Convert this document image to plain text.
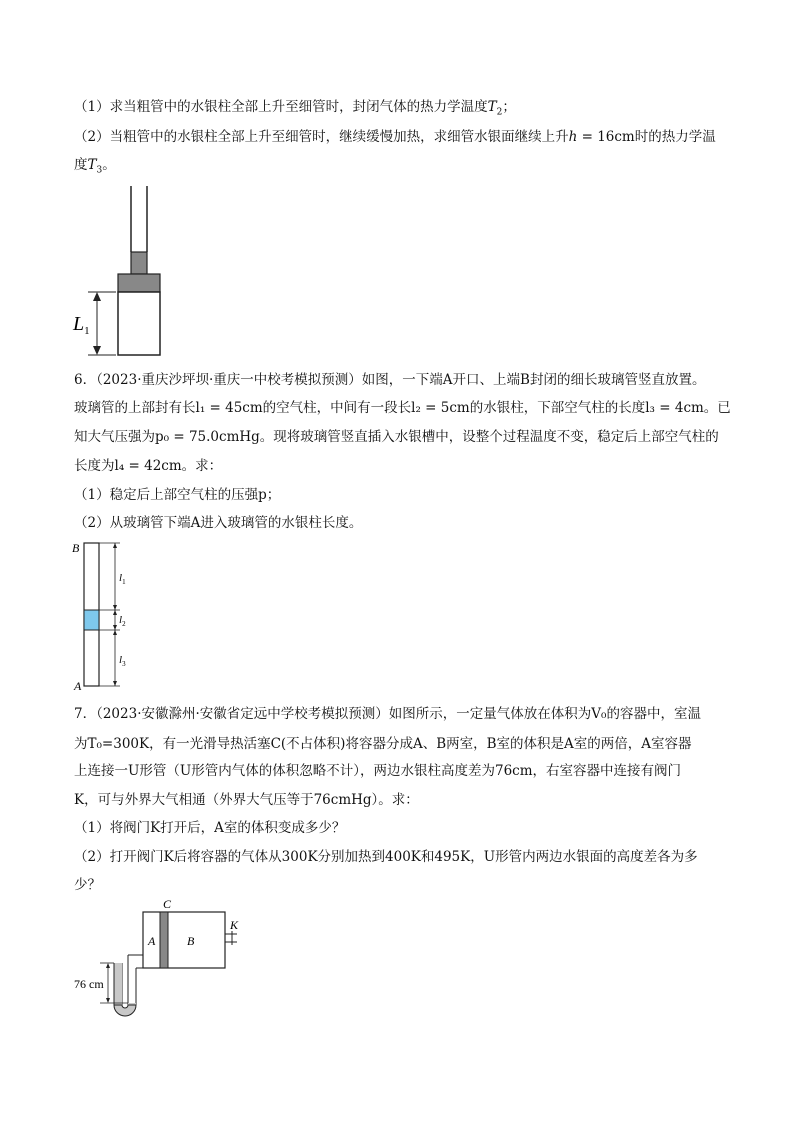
（1）求当粗管中的水银柱全部上升至细管时，封闭气体的热力学温度$T_2$；
（2）当粗管中的水银柱全部上升至细管时，继续缓慢加热，求细管水银面继续上升h = 16cm时的热力学温
度$T_3$。
$L_1$
6．（2023·重庆沙坪坝·重庆一中校考模拟预测）如图，一下端A开口、上端B封闭的细长玻璃管竖直放置。
玻璃管的上部封有长l₁ = 45cm的空气柱，中间有一段长l₂ = 5cm的水银柱，下部空气柱的长度l₃ = 4cm。已
知大气压强为p₀ = 75.0cmHg。现将玻璃管竖直插入水银槽中，设整个过程温度不变，稳定后上部空气柱的
长度为l₄ = 42cm。求：
（1）稳定后上部空气柱的压强p；
（2）从玻璃管下端A进入玻璃管的水银柱长度。
B
A
$l_1$
$l_2$
$l_3$
7．（2023·安徽滁州·安徽省定远中学校考模拟预测）如图所示，一定量气体放在体积为V₀的容器中，室温
为T₀=300K，有一光滑导热活塞C(不占体积)将容器分成A、B两室，B室的体积是A室的两倍，A室容器
上连接一U形管（U形管内气体的体积忽略不计），两边水银柱高度差为76cm，右室容器中连接有阀门
K，可与外界大气相通（外界大气压等于76cmHg）。求：
（1）将阀门K打开后，A室的体积变成多少？
（2）打开阀门K后将容器的气体从300K分别加热到400K和495K，U形管内两边水银面的高度差各为多
少？
C
A	B
K
76 cm
